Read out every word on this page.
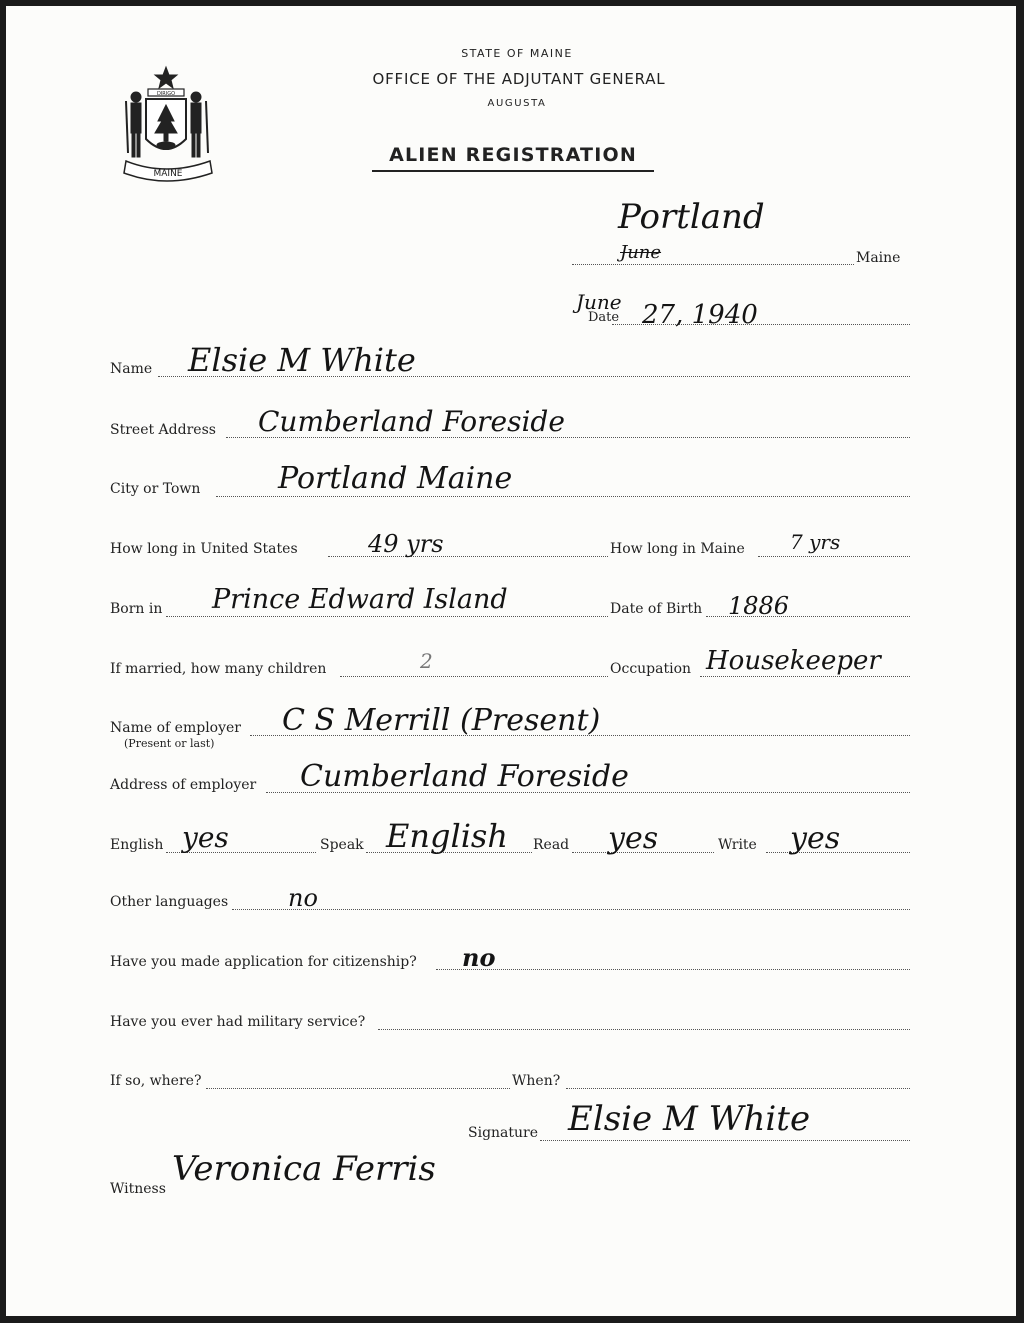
MAINE
DIRIGO
STATE OF MAINE
OFFICE OF THE ADJUTANT GENERAL
AUGUSTA
ALIEN REGISTRATION
Portland
June	Maine
June
Date 27, 1940
Name Elsie M White
Street Address Cumberland Foreside
City or Town	Portland Maine
How long in United States	49 yrs	How long in Maine 7 yrs
Born in Prince Edward Island	Date of Birth 1886
If married, how many children	2	Occupation Housekeeper
Name of employer
(Present or last)
C S Merrill (Present)
Address of employer Cumberland Foreside
English yes	Speak English Read yes	Write yes
Other languages no
Have you made application for citizenship? no
Have you ever had military service?
If so, where?	When?
Signature Elsie M White
Witness Veronica Ferris
